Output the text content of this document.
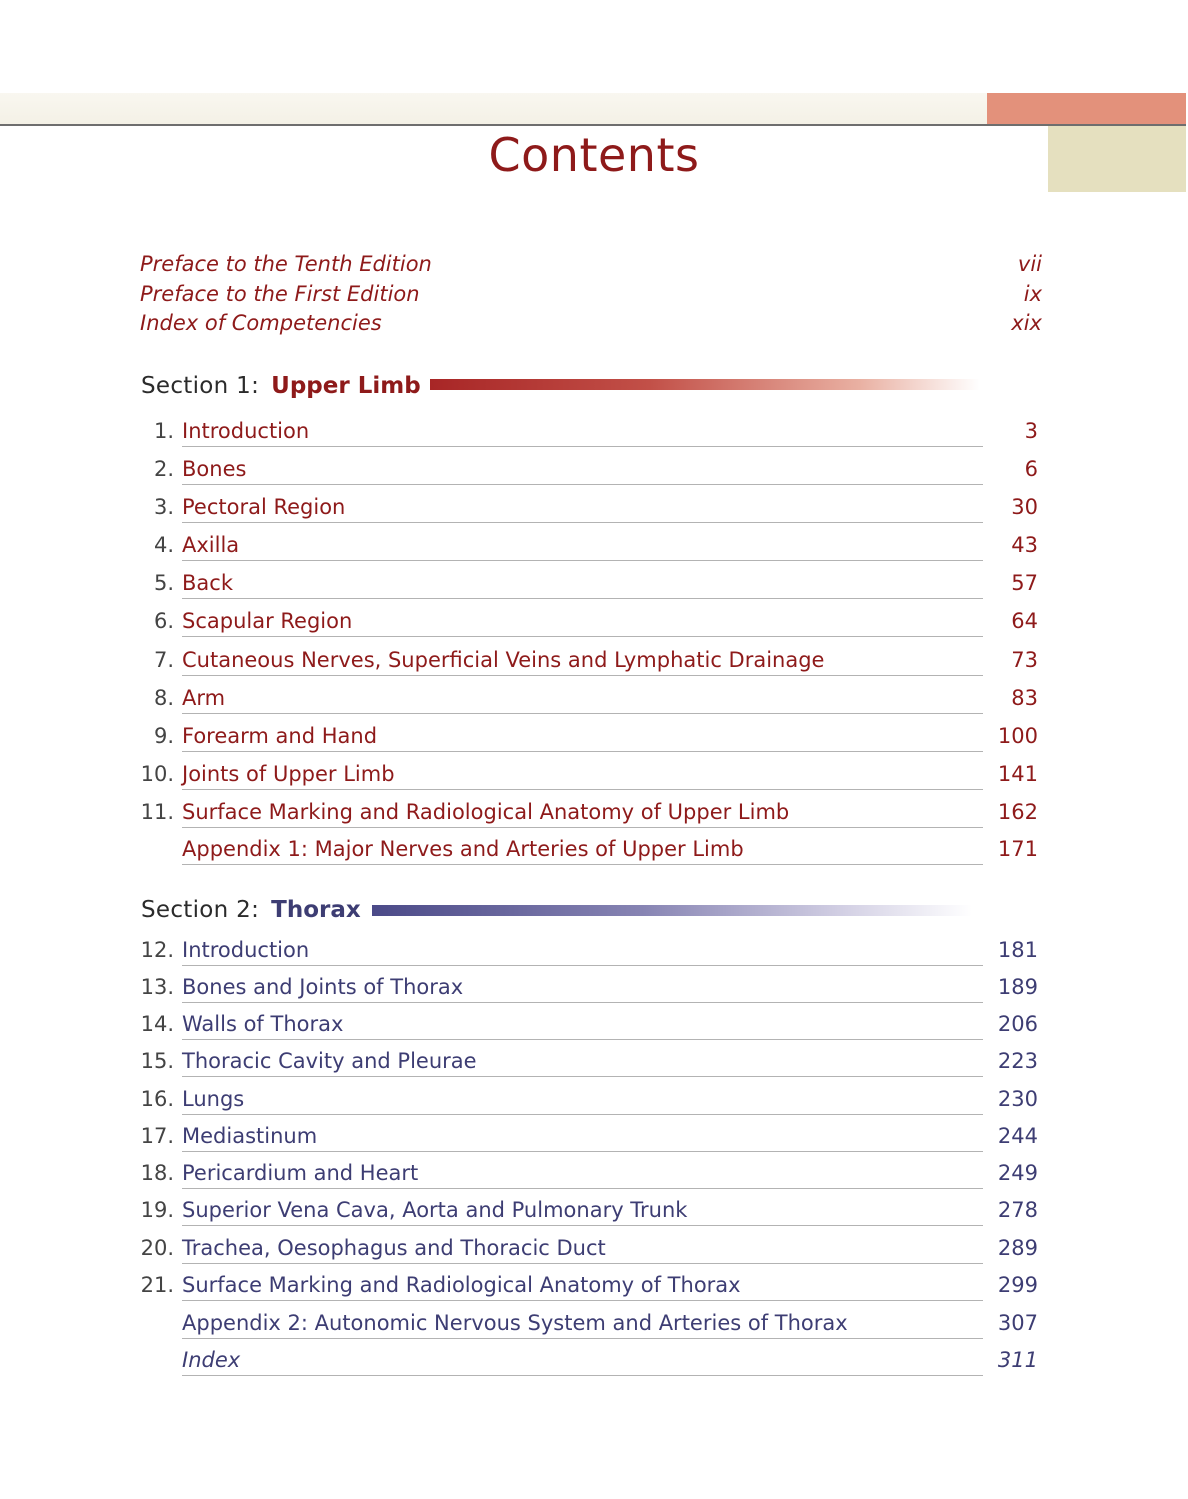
Contents
Preface to the Tenth Edition	vii
Preface to the First Edition	ix
Index of Competencies	xix
Section 1: Upper Limb
1. Introduction	3
2. Bones	6
3. Pectoral Region	30
4. Axilla	43
5. Back	57
6. Scapular Region	64
7. Cutaneous Nerves, Superficial Veins and Lymphatic Drainage	73
8. Arm	83
9. Forearm and Hand	100
10. Joints of Upper Limb	141
11. Surface Marking and Radiological Anatomy of Upper Limb	162
Appendix 1: Major Nerves and Arteries of Upper Limb	171
Section 2: Thorax
12. Introduction	181
13. Bones and Joints of Thorax	189
14. Walls of Thorax	206
15. Thoracic Cavity and Pleurae	223
16. Lungs	230
17. Mediastinum	244
18. Pericardium and Heart	249
19. Superior Vena Cava, Aorta and Pulmonary Trunk	278
20. Trachea, Oesophagus and Thoracic Duct	289
21. Surface Marking and Radiological Anatomy of Thorax	299
Appendix 2: Autonomic Nervous System and Arteries of Thorax	307
Index	311
